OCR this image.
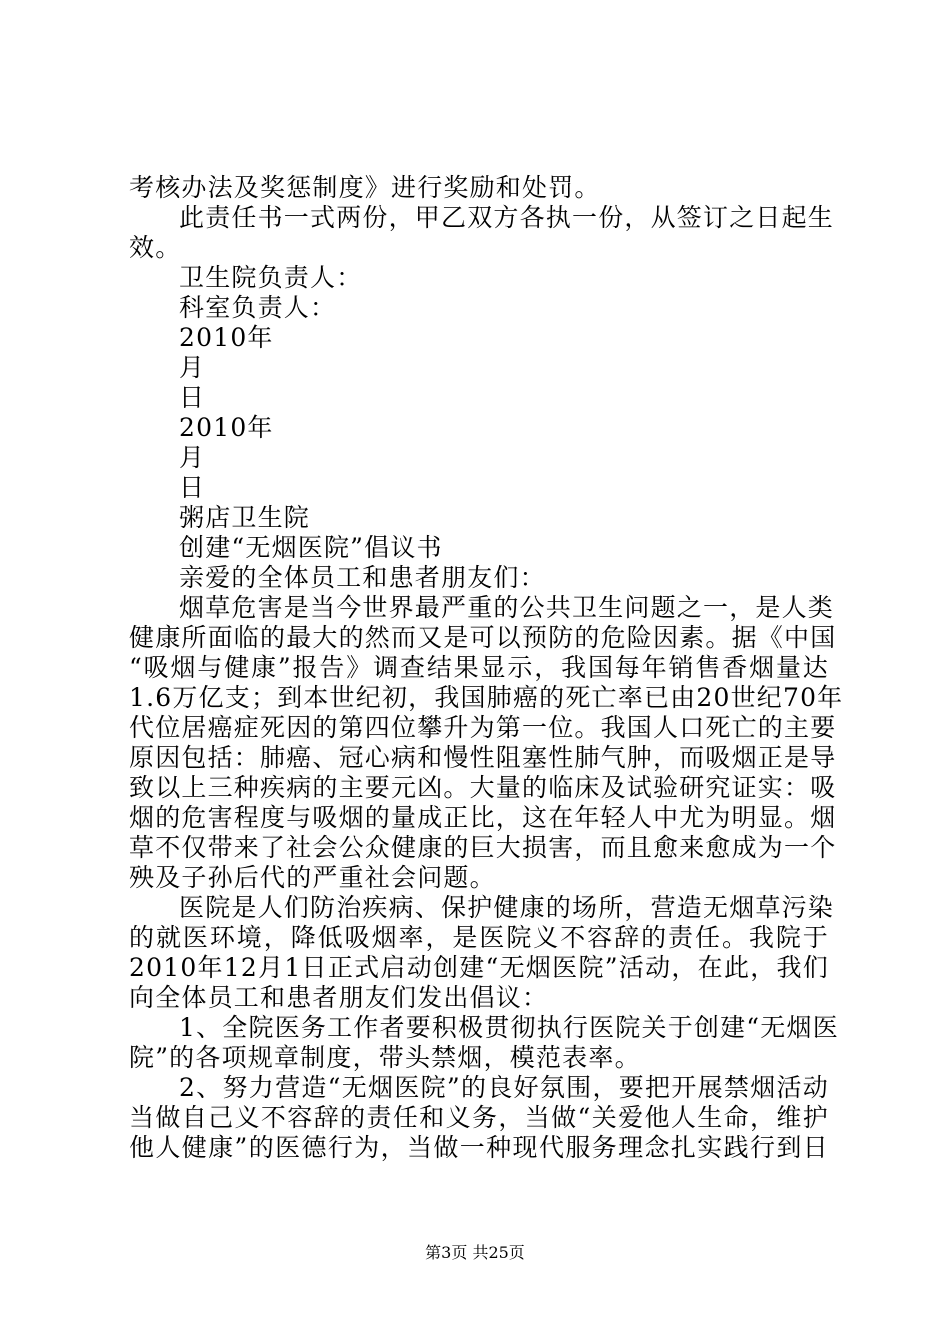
考核办法及奖惩制度》进行奖励和处罚。
此责任书一式两份，甲乙双方各执一份，从签订之日起生
效。
卫生院负责人：
科室负责人：
2010年
月
日
2010年
月
日
粥店卫生院
创建“无烟医院”倡议书
亲爱的全体员工和患者朋友们：
烟草危害是当今世界最严重的公共卫生问题之一，是人类
健康所面临的最大的然而又是可以预防的危险因素。据《中国
“吸烟与健康”报告》调查结果显示，我国每年销售香烟量达
1.6万亿支；到本世纪初，我国肺癌的死亡率已由20世纪70年
代位居癌症死因的第四位攀升为第一位。我国人口死亡的主要
原因包括：肺癌、冠心病和慢性阻塞性肺气肿，而吸烟正是导
致以上三种疾病的主要元凶。大量的临床及试验研究证实：吸
烟的危害程度与吸烟的量成正比，这在年轻人中尤为明显。烟
草不仅带来了社会公众健康的巨大损害，而且愈来愈成为一个
殃及子孙后代的严重社会问题。
医院是人们防治疾病、保护健康的场所，营造无烟草污染
的就医环境，降低吸烟率，是医院义不容辞的责任。我院于
2010年12月1日正式启动创建“无烟医院”活动，在此，我们
向全体员工和患者朋友们发出倡议：
1、全院医务工作者要积极贯彻执行医院关于创建“无烟医
院”的各项规章制度，带头禁烟，模范表率。
2、努力营造“无烟医院”的良好氛围，要把开展禁烟活动
当做自己义不容辞的责任和义务，当做“关爱他人生命，维护
他人健康”的医德行为，当做一种现代服务理念扎实践行到日
第3页 共25页
